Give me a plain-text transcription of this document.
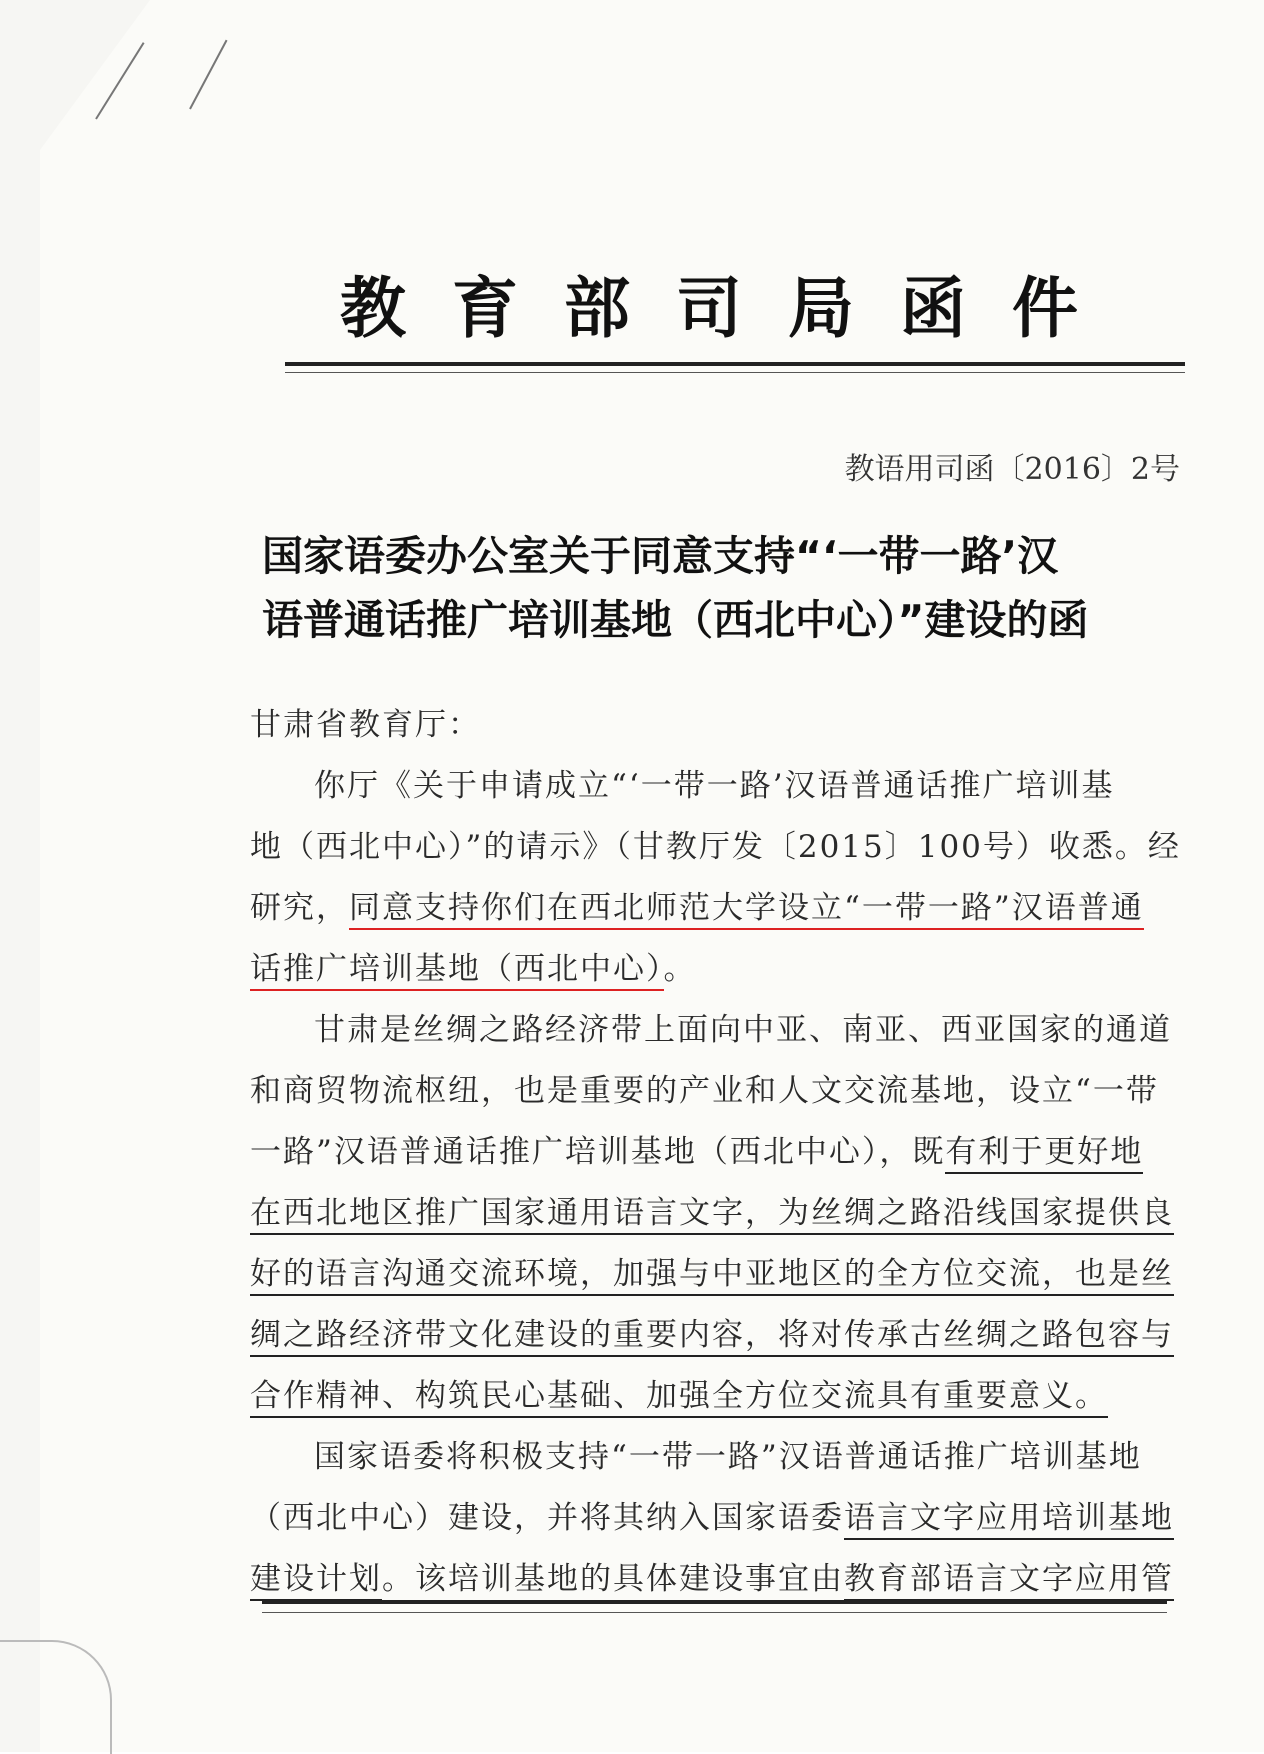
教育部司局函件
教语用司函〔2016〕2号
国家语委办公室关于同意支持“‘一带一路’汉
语普通话推广培训基地（西北中心）”建设的函
甘肃省教育厅：
你厅《关于申请成立“‘一带一路’汉语普通话推广培训基
地（西北中心）”的请示》（甘教厅发〔2015〕100号）收悉。经
研究，同意支持你们在西北师范大学设立“一带一路”汉语普通
话推广培训基地（西北中心）。
甘肃是丝绸之路经济带上面向中亚、南亚、西亚国家的通道
和商贸物流枢纽，也是重要的产业和人文交流基地，设立“一带
一路”汉语普通话推广培训基地（西北中心），既有利于更好地
在西北地区推广国家通用语言文字，为丝绸之路沿线国家提供良
好的语言沟通交流环境，加强与中亚地区的全方位交流，也是丝
绸之路经济带文化建设的重要内容，将对传承古丝绸之路包容与
合作精神、构筑民心基础、加强全方位交流具有重要意义。
国家语委将积极支持“一带一路”汉语普通话推广培训基地
（西北中心）建设，并将其纳入国家语委语言文字应用培训基地
建设计划。该培训基地的具体建设事宜由教育部语言文字应用管
